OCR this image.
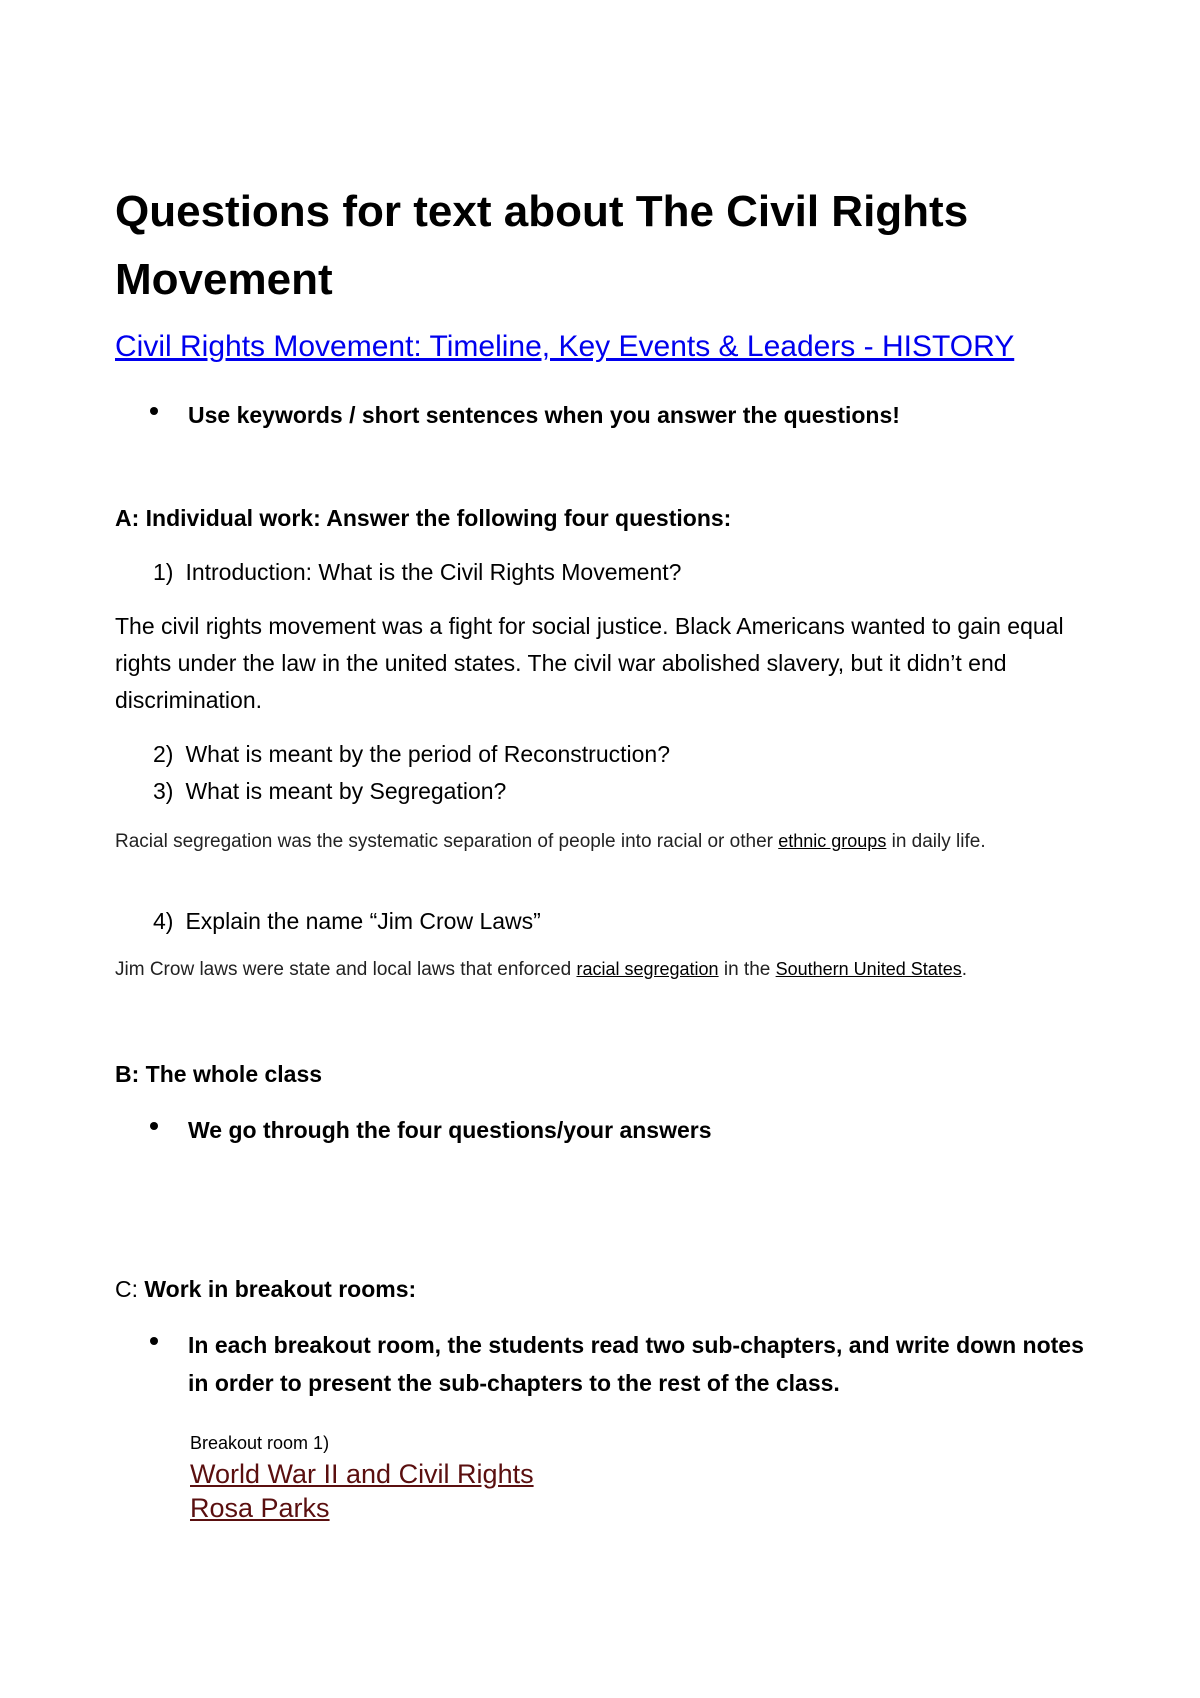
Questions for text about The Civil Rights Movement
Civil Rights Movement: Timeline, Key Events & Leaders - HISTORY
Use keywords / short sentences when you answer the questions!
A: Individual work: Answer the following four questions:
1) Introduction: What is the Civil Rights Movement?
The civil rights movement was a fight for social justice. Black Americans wanted to gain equal rights under the law in the united states. The civil war abolished slavery, but it didn’t end discrimination.
2) What is meant by the period of Reconstruction?
3) What is meant by Segregation?
Racial segregation was the systematic separation of people into racial or other ethnic groups in daily life.
4) Explain the name “Jim Crow Laws”
Jim Crow laws were state and local laws that enforced racial segregation in the Southern United States.
B: The whole class
We go through the four questions/your answers
C: Work in breakout rooms:
In each breakout room, the students read two sub-chapters, and write down notes in order to present the sub-chapters to the rest of the class.
Breakout room 1)
World War II and Civil Rights
Rosa Parks
